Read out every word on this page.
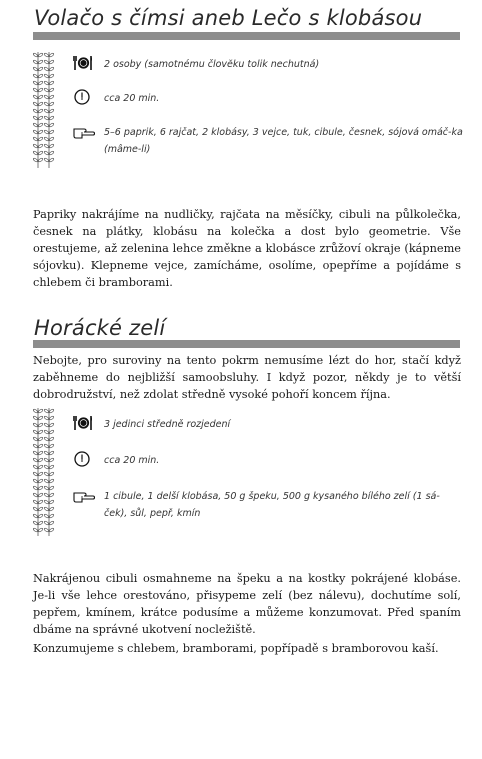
Volačo s čímsi aneb Lečo s klobásou
2 osoby (samotnému človĕku tolik nechutná)
cca 20 min.
5–6 paprik, 6 rajčat, 2 klobásy, 3 vejce, tuk, cibule, česnek, sójová omáč-ka (mâme-li)

Papriky nakrájíme na nudličky, rajčata na měsíčky, cibuli na půlkolečka, česnek na plátky, klobásu na kolečka a dost bylo geometrie. Vše orestujeme, až zelenina lehce změkne a klobásce zrůžoví okraje (kápneme sójovku). Klepneme vejce, zamícháme, osolíme, opepříme a pojídáme s chlebem či bramborami.

Horácké zelí

Nebojte, pro suroviny na tento pokrm nemusíme lézt do hor, stačí když zaběhneme do nejbližší samoobsluhy. I když pozor, někdy je to větší dobrodružství, než zdolat středně vysoké pohoří koncem října.

3 jedinci středně rozjedení
cca 20 min.
1 cibule, 1 delší klobása, 50 g špeku, 500 g kysaného bílého zelí (1 sá-ček), sůl, pepř, kmín

Nakrájenou cibuli osmahneme na špeku a na kostky pokrájené klobáse. Je-li vše lehce orestováno, přisypeme zelí (bez nálevu), dochutíme solí, pepřem, kmínem, krátce podusíme a můžeme konzumovat. Před spaním dbáme na správné ukotvení nocležiště.

Konzumujeme s chlebem, bramborami, popřípadě s bramborovou kaší.
